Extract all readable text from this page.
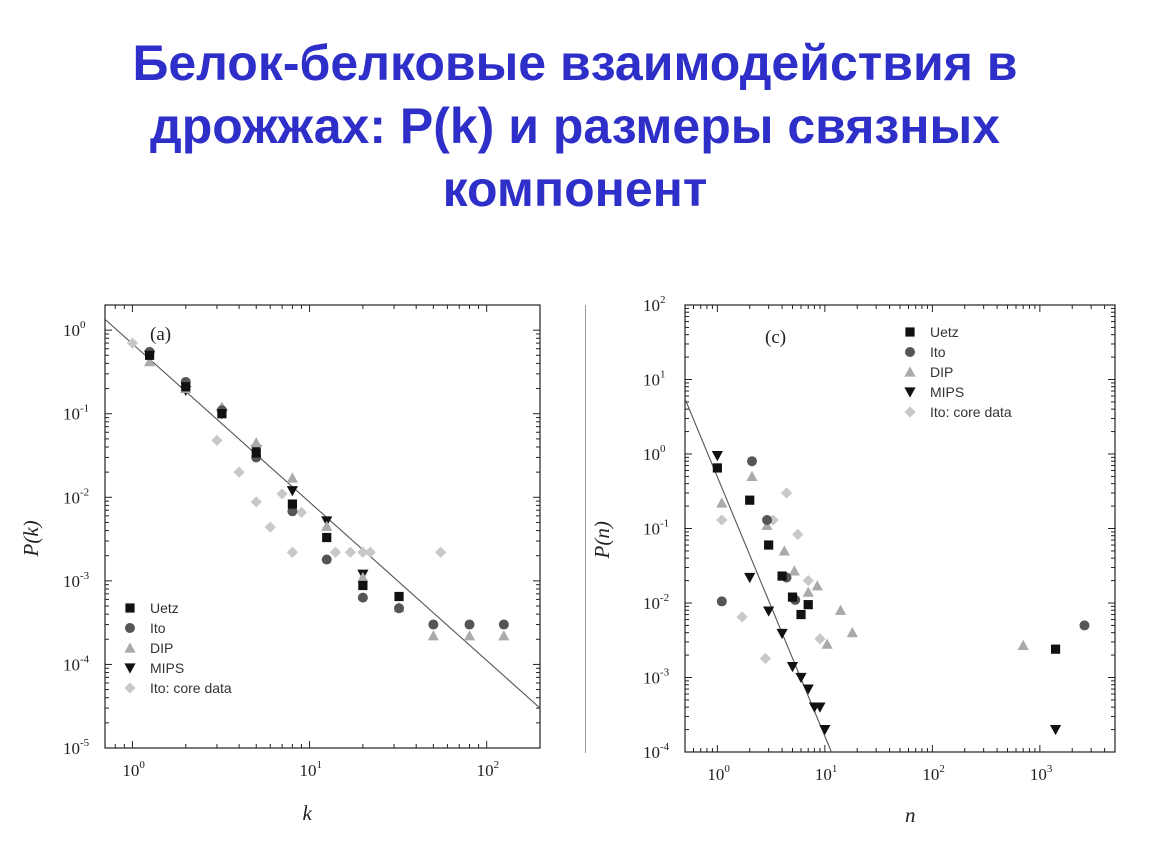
Белок-белковые взаимодействия в
дрожжах: P(k) и размеры связных
компонент
$10^0$	$10^1$	$10^2$
$10^0$
$10^{-1}$
$10^{-2}$
$10^{-3}$
$10^{-4}$
$10^{-5}$
k
P(k)
(a)
Uetz
Ito
DIP
MIPS
Ito: core data
$10^0$	$10^1$	$10^2$	$10^3$
$10^2$
$10^1$
$10^0$
$10^{-1}$
$10^{-2}$
$10^{-3}$
$10^{-4}$
n
P(n)
(c)	Uetz
Ito
DIP
MIPS
Ito: core data
